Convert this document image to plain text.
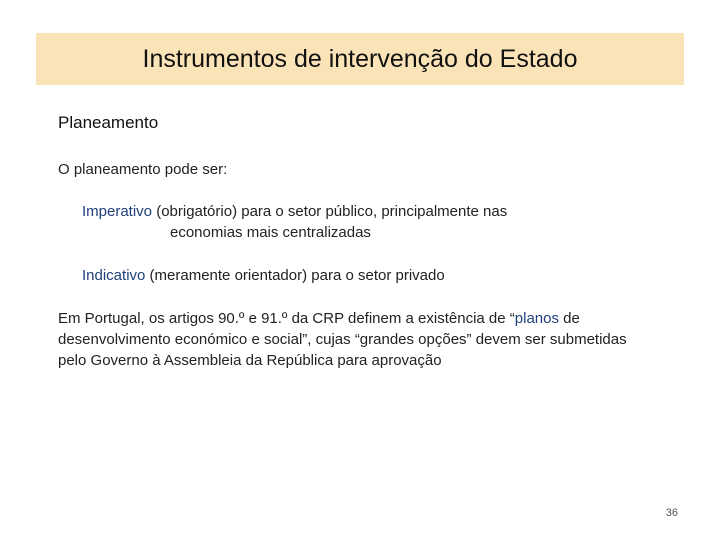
Instrumentos de intervenção do Estado
Planeamento
O planeamento pode ser:
Imperativo (obrigatório) para o setor público, principalmente nas
economias mais centralizadas
Indicativo (meramente orientador) para o setor privado
Em Portugal, os artigos 90.º e 91.º da CRP definem a existência de “planos de desenvolvimento económico e social”, cujas “grandes opções” devem ser submetidas pelo Governo à Assembleia da República para aprovação
36
